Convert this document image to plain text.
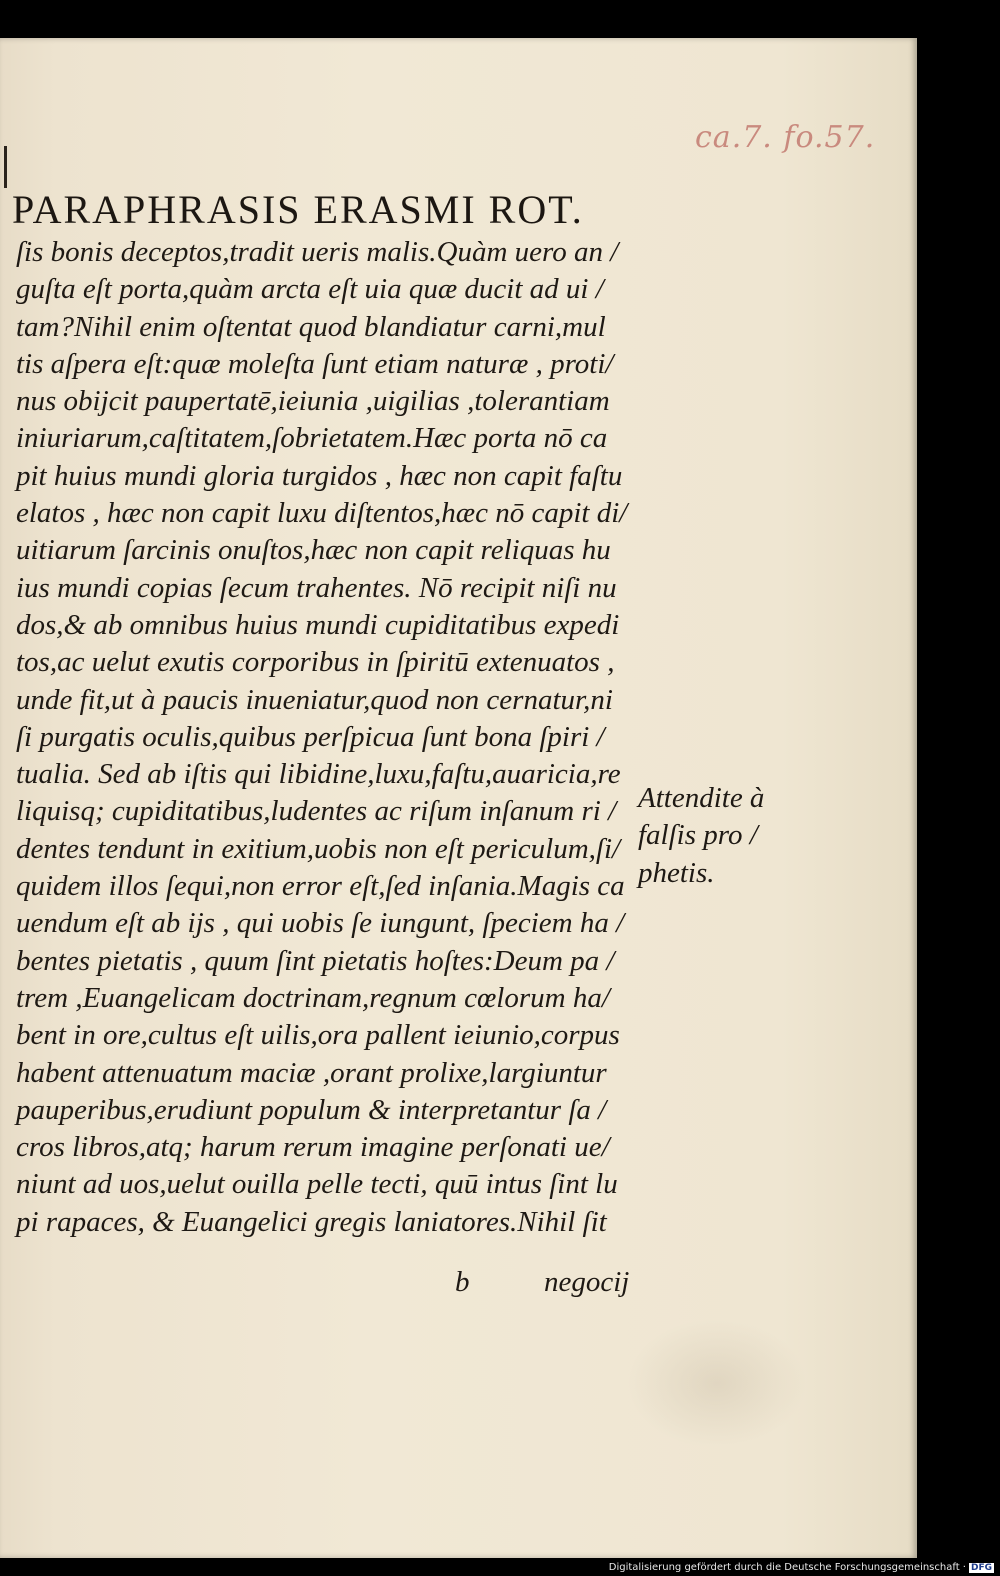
ca.7. fo.57.
PARAPHRASIS ERASMI ROT.
ſis bonis deceptos,tradit ueris malis.Quàm uero an /
guſta eſt porta,quàm arcta eſt uia quæ ducit ad ui /
tam?Nihil enim oſtentat quod blandiatur carni,mul
tis aſpera eſt:quæ moleſta ſunt etiam naturæ , proti/
nus obijcit paupertatē,ieiunia ,uigilias ,tolerantiam
iniuriarum,caſtitatem,ſobrietatem.Hæc porta nō ca
pit huius mundi gloria turgidos , hæc non capit faſtu
elatos , hæc non capit luxu diſtentos,hæc nō capit di/
uitiarum ſarcinis onuſtos,hæc non capit reliquas hu
ius mundi copias ſecum trahentes. Nō recipit niſi nu
dos,& ab omnibus huius mundi cupiditatibus expedi
tos,ac uelut exutis corporibus in ſpiritū extenuatos ,
unde fit,ut à paucis inueniatur,quod non cernatur,ni
ſi purgatis oculis,quibus perſpicua ſunt bona ſpiri /
tualia. Sed ab iſtis qui libidine,luxu,faſtu,auaricia,re
liquisq; cupiditatibus,ludentes ac riſum inſanum ri /
dentes tendunt in exitium,uobis non eſt periculum,ſi/
quidem illos ſequi,non error eſt,ſed inſania.Magis ca
uendum eſt ab ijs , qui uobis ſe iungunt, ſpeciem ha /
bentes pietatis , quum ſint pietatis hoſtes:Deum pa /
trem ,Euangelicam doctrinam,regnum cœlorum ha/
bent in ore,cultus eſt uilis,ora pallent ieiunio,corpus
habent attenuatum maciæ ,orant prolixe,largiuntur
pauperibus,erudiunt populum & interpretantur ſa /
cros libros,atq; harum rerum imagine perſonati ue/
niunt ad uos,uelut ouilla pelle tecti, quū intus ſint lu
pi rapaces, & Euangelici gregis laniatores.Nihil ſit
Attendite à
falſis pro /
phetis.
b	negocij
Digitalisierung gefördert durch die Deutsche Forschungsgemeinschaft · DFG
